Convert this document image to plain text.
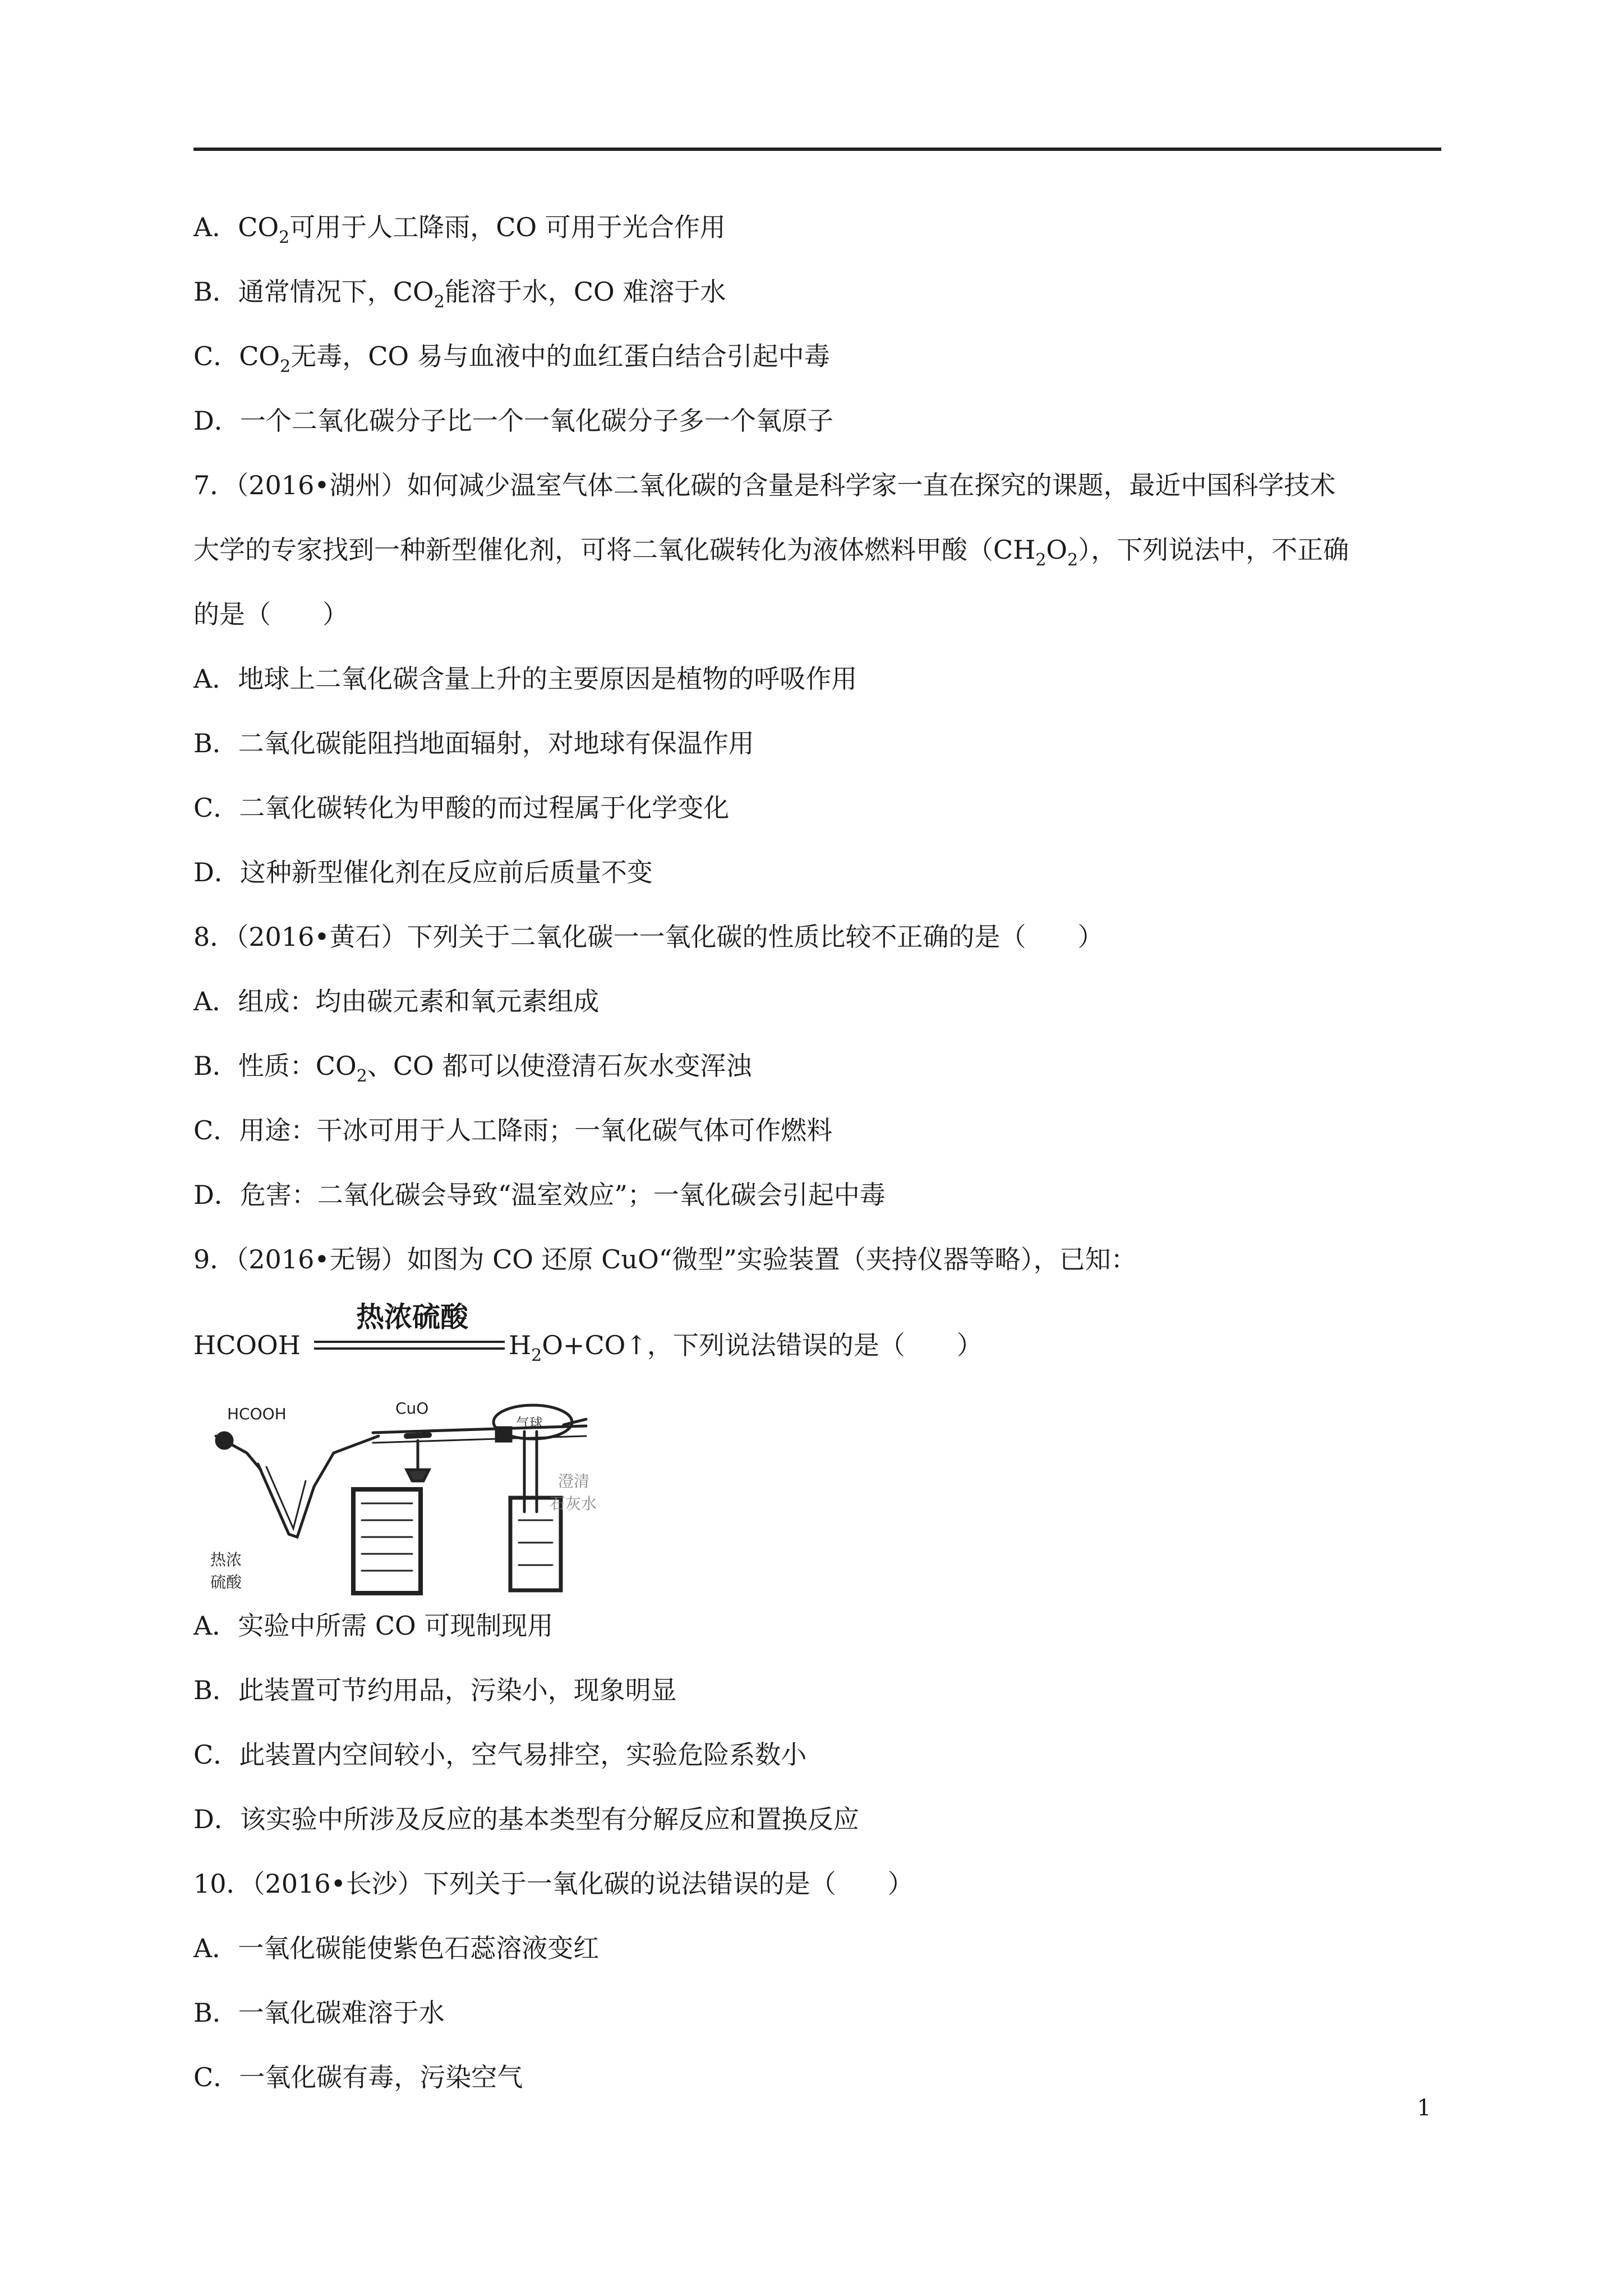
A．$CO_2$可用于人工降雨，CO 可用于光合作用
B．通常情况下，$CO_2$能溶于水，CO 难溶于水
C．$CO_2$无毒，CO 易与血液中的血红蛋白结合引起中毒
D．一个二氧化碳分子比一个一氧化碳分子多一个氧原子
7．（2016•湖州）如何减少温室气体二氧化碳的含量是科学家一直在探究的课题，最近中国科学技术
大学的专家找到一种新型催化剂，可将二氧化碳转化为液体燃料甲酸$(CH_2O_2)$，下列说法中，不正确
的是（　　）
A．地球上二氧化碳含量上升的主要原因是植物的呼吸作用
B．二氧化碳能阻挡地面辐射，对地球有保温作用
C．二氧化碳转化为甲酸的而过程属于化学变化
D．这种新型催化剂在反应前后质量不变
8．（2016•黄石）下列关于二氧化碳一一氧化碳的性质比较不正确的是（　　）
A．组成：均由碳元素和氧元素组成
B．性质：$CO_2$、CO 都可以使澄清石灰水变浑浊
C．用途：干冰可用于人工降雨；一氧化碳气体可作燃料
D．危害：二氧化碳会导致“温室效应”；一氧化碳会引起中毒
9．（2016•无锡）如图为 CO 还原 CuO“微型”实验装置（夹持仪器等略），已知：
热浓硫酸
HCOOH	$H_2O+CO↑$，下列说法错误的是（　　）
HCOOH	CuO
热浓
硫酸
澄清
石灰水
气球
A．实验中所需 CO 可现制现用
B．此装置可节约用品，污染小，现象明显
C．此装置内空间较小，空气易排空，实验危险系数小
D．该实验中所涉及反应的基本类型有分解反应和置换反应
10．（2016•长沙）下列关于一氧化碳的说法错误的是（　　）
A．一氧化碳能使紫色石蕊溶液变红
B．一氧化碳难溶于水
C．一氧化碳有毒，污染空气
1
